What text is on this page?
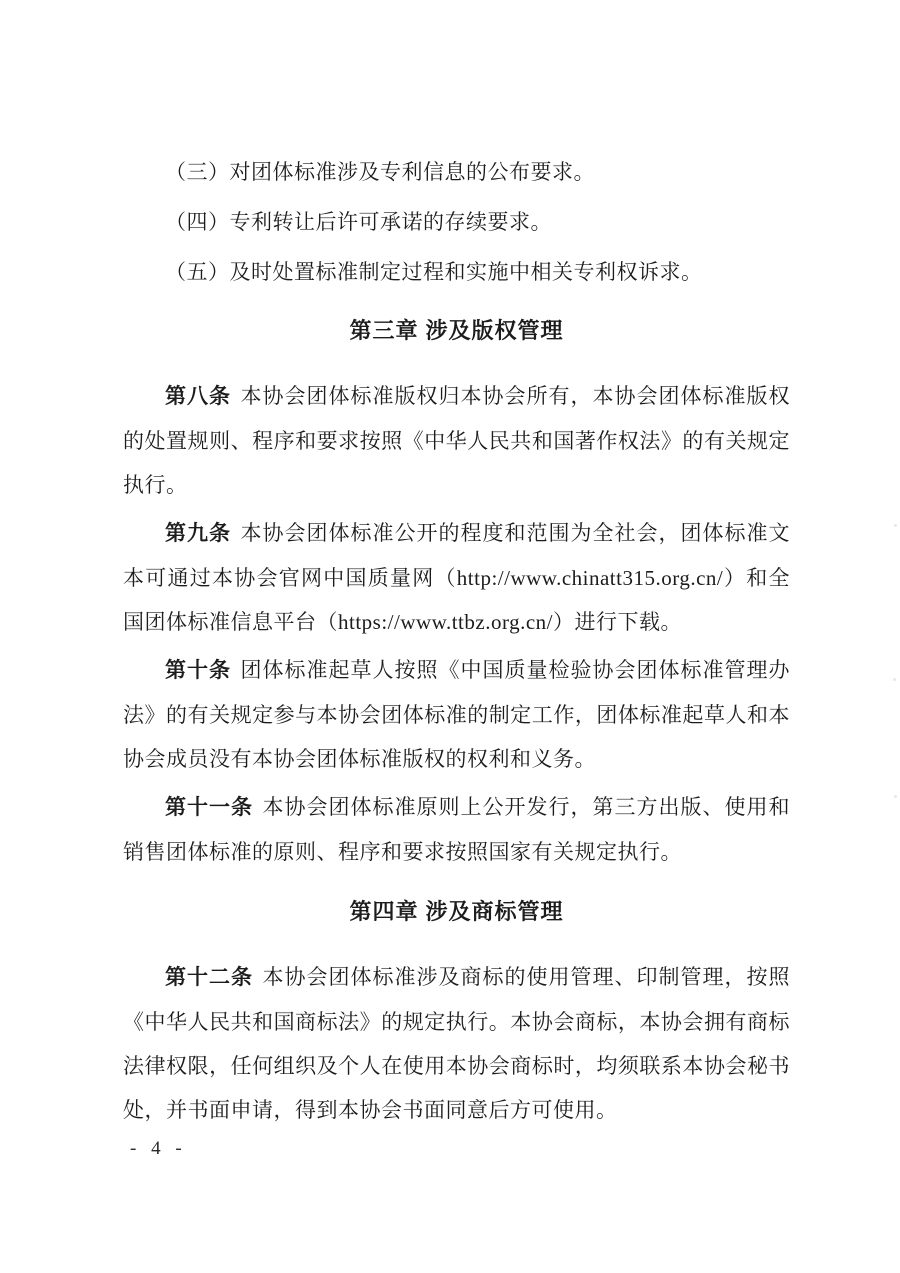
（三）对团体标准涉及专利信息的公布要求。

（四）专利转让后许可承诺的存续要求。

（五）及时处置标准制定过程和实施中相关专利权诉求。

第三章 涉及版权管理

第八条 本协会团体标准版权归本协会所有，本协会团体标准版权的处置规则、程序和要求按照《中华人民共和国著作权法》的有关规定执行。

第九条 本协会团体标准公开的程度和范围为全社会，团体标准文本可通过本协会官网中国质量网（http://www.chinatt315.org.cn/）和全国团体标准信息平台（https://www.ttbz.org.cn/）进行下载。

第十条 团体标准起草人按照《中国质量检验协会团体标准管理办法》的有关规定参与本协会团体标准的制定工作，团体标准起草人和本协会成员没有本协会团体标准版权的权利和义务。

第十一条 本协会团体标准原则上公开发行，第三方出版、使用和销售团体标准的原则、程序和要求按照国家有关规定执行。

第四章 涉及商标管理

第十二条 本协会团体标准涉及商标的使用管理、印制管理，按照《中华人民共和国商标法》的规定执行。本协会商标，本协会拥有商标法律权限，任何组织及个人在使用本协会商标时，均须联系本协会秘书处，并书面申请，得到本协会书面同意后方可使用。

- 4 -
